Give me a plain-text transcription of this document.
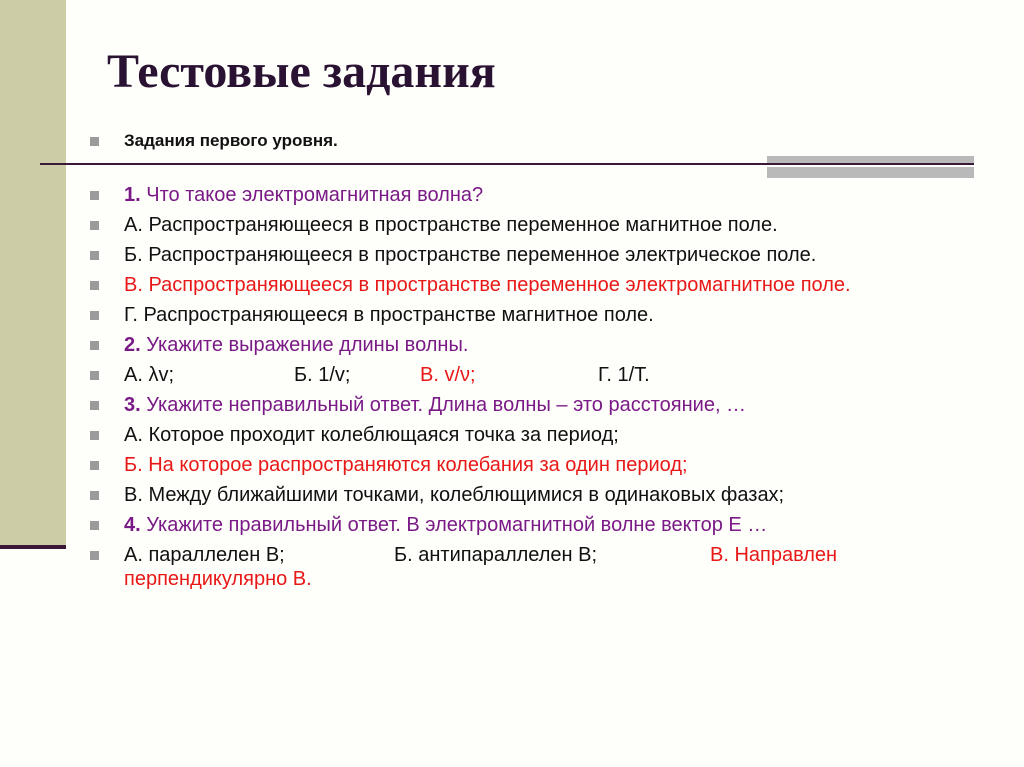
Тестовые задания
Задания первого уровня.
1. Что такое электромагнитная волна?
А. Распространяющееся в пространстве переменное магнитное поле.
Б. Распространяющееся в пространстве переменное электрическое поле.
В. Распространяющееся в пространстве переменное электромагнитное поле.
Г. Распространяющееся в пространстве магнитное поле.
2. Укажите выражение длины волны.
А. λv;	Б. 1/v;	В. v/ν;	Г. 1/Т.
3. Укажите неправильный ответ. Длина волны – это расстояние, …
А. Которое проходит колеблющаяся точка за период;
Б. На которое распространяются колебания за один период;
В. Между ближайшими точками, колеблющимися в одинаковых фазах;
4. Укажите правильный ответ. В электромагнитной волне вектор Е …
А. параллелен В;	Б. антипараллелен В;	В. Направлен перпендикулярно В.
